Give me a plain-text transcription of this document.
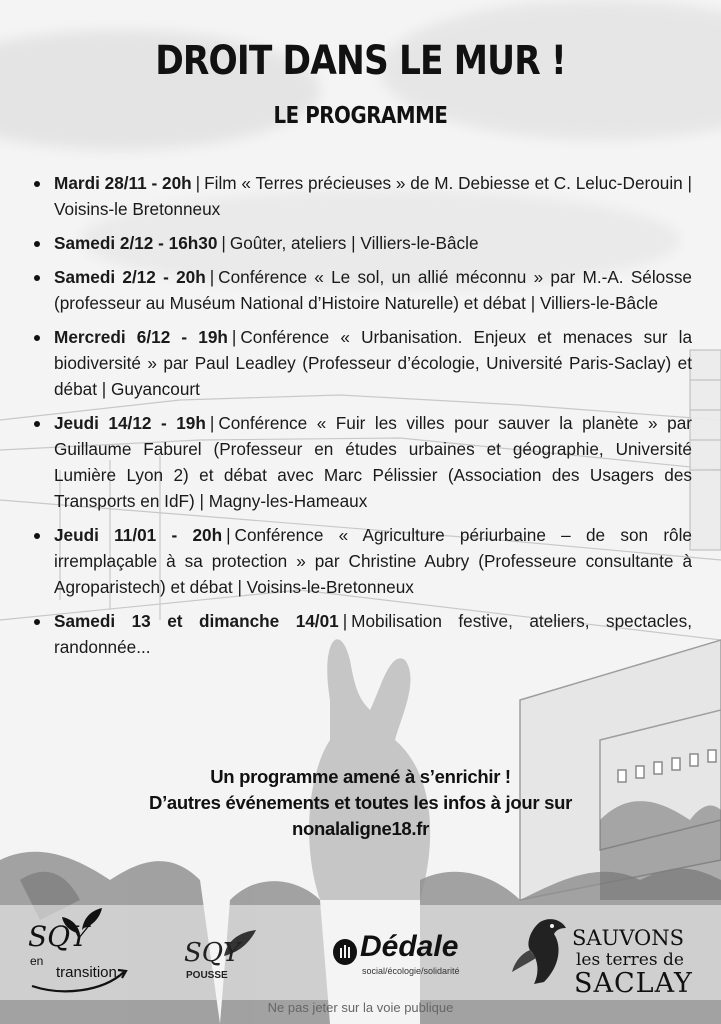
DROIT DANS LE MUR !
LE PROGRAMME
Mardi 28/11 - 20h | Film « Terres précieuses » de M. Debiesse et C. Leluc-Derouin | Voisins-le Bretonneux
Samedi 2/12 - 16h30 | Goûter, ateliers | Villiers-le-Bâcle
Samedi 2/12 - 20h | Conférence « Le sol, un allié méconnu » par M.-A. Sélosse (professeur au Muséum National d’Histoire Naturelle) et débat | Villiers-le-Bâcle
Mercredi 6/12 - 19h | Conférence « Urbanisation. Enjeux et menaces sur la biodiversité » par Paul Leadley (Professeur d’écologie, Université Paris-Saclay) et débat | Guyancourt
Jeudi 14/12 - 19h | Conférence « Fuir les villes pour sauver la planète » par Guillaume Faburel (Professeur en études urbaines et géographie, Université Lumière Lyon 2) et débat avec Marc Pélissier (Association des Usagers des Transports en IdF) | Magny-les-Hameaux
Jeudi 11/01 - 20h | Conférence « Agriculture périurbaine – de son rôle irremplaçable à sa protection » par Christine Aubry (Professeure consultante à Agroparistech) et débat | Voisins-le-Bretonneux
Samedi 13 et dimanche 14/01 | Mobilisation festive, ateliers, spectacles, randonnée...
Un programme amené à s’enrichir !
D’autres événements et toutes les infos à jour sur
nonalaligne18.fr
SQY
en
transition
SQY
POUSSE
Dédale
social/écologie/solidarité
SAUVONS
les terres de
SACLAY
Ne pas jeter sur la voie publique
